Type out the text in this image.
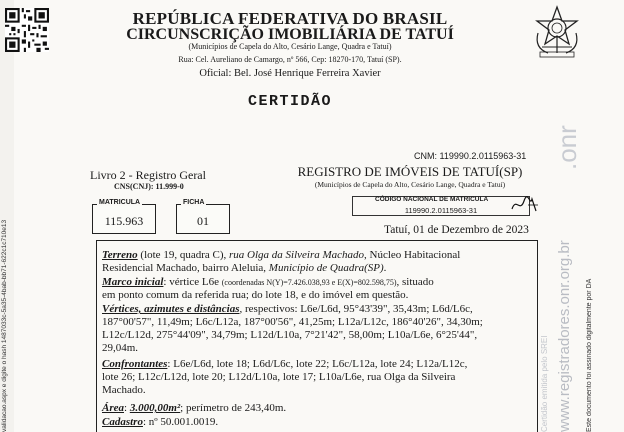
validacao.aspx e digite o hash 1487033c-5a35-4bab-bb71-622c1c710e13	Este documento foi assinado digitalmente por DA
www.registradores.onr.org.br
Certidão emitida pelo SREI
.onr
REPÚBLICA FEDERATIVA DO BRASIL
CIRCUNSCRIÇÃO IMOBILIÁRIA DE TATUÍ
(Municípios de Capela do Alto, Cesário Lange, Quadra e Tatuí)
Rua: Cel. Aureliano de Camargo, nº 566, Cep: 18270-170, Tatuí (SP).
Oficial: Bel. José Henrique Ferreira Xavier
CERTIDÃO
CNM: 119990.2.0115963-31
Livro 2 - Registro Geral
CNS(CNJ): 11.999-0
MATRICULA
115.963
FICHA
01
REGISTRO DE IMÓVEIS DE TATUÍ(SP)
(Municípios de Capela do Alto, Cesário Lange, Quadra e Tatuí)
CÓDIGO NACIONAL DE MATRICULA
119990.2.0115963-31
Tatuí, 01 de Dezembro de 2023
Terreno (lote 19, quadra C), rua Olga da Silveira Machado, Núcleo Habitacional
Residencial Machado, bairro Aleluia, Município de Quadra(SP).
Marco inicial: vértice L6e (coordenadas N(Y)=7.426.038,93 e E(X)=802.598,75), situado
em ponto comum da referida rua; do lote 18, e do imóvel em questão.
Vértices, azimutes e distâncias, respectivos: L6e/L6d, 95°43'39", 35,43m; L6d/L6c,
187°00'57", 11,49m; L6c/L12a, 187°00'56", 41,25m; L12a/L12c, 186°40'26", 34,30m;
L12c/L12d, 275°44'09", 34,79m; L12d/L10a, 7°21'42", 58,00m; L10a/L6e, 6°25'44",
29,04m.
Confrontantes: L6e/L6d, lote 18; L6d/L6c, lote 22; L6c/L12a, lote 24; L12a/L12c,
lote 26; L12c/L12d, lote 20; L12d/L10a, lote 17; L10a/L6e, rua Olga da Silveira
Machado.
Área: 3.000,00m²; perímetro de 243,40m.
Cadastro: nº 50.001.0019.
